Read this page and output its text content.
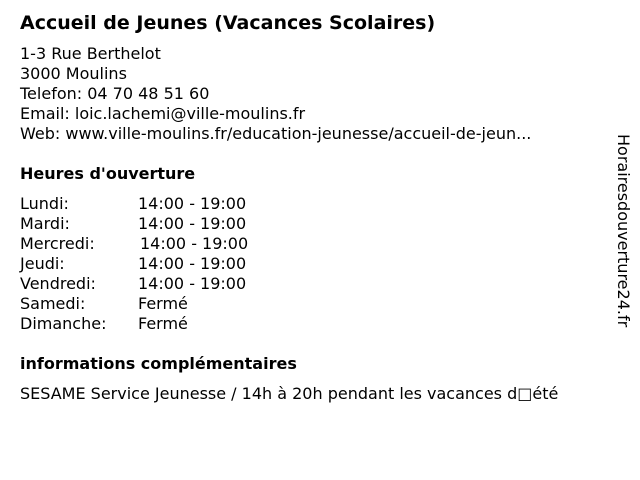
Accueil de Jeunes (Vacances Scolaires)
1-3 Rue Berthelot
3000 Moulins
Telefon: 04 70 48 51 60
Email: loic.lachemi@ville-moulins.fr
Web: www.ville-moulins.fr/education-jeunesse/accueil-de-jeun...
Heures d'ouverture
Lundi:	14:00 - 19:00
Mardi:	14:00 - 19:00
Mercredi:	14:00 - 19:00
Jeudi:	14:00 - 19:00
Vendredi:	14:00 - 19:00
Samedi:	Fermé
Dimanche:	Fermé
informations complémentaires
SESAME Service Jeunesse / 14h à 20h pendant les vacances d□été
Horairesdouverture24.fr
